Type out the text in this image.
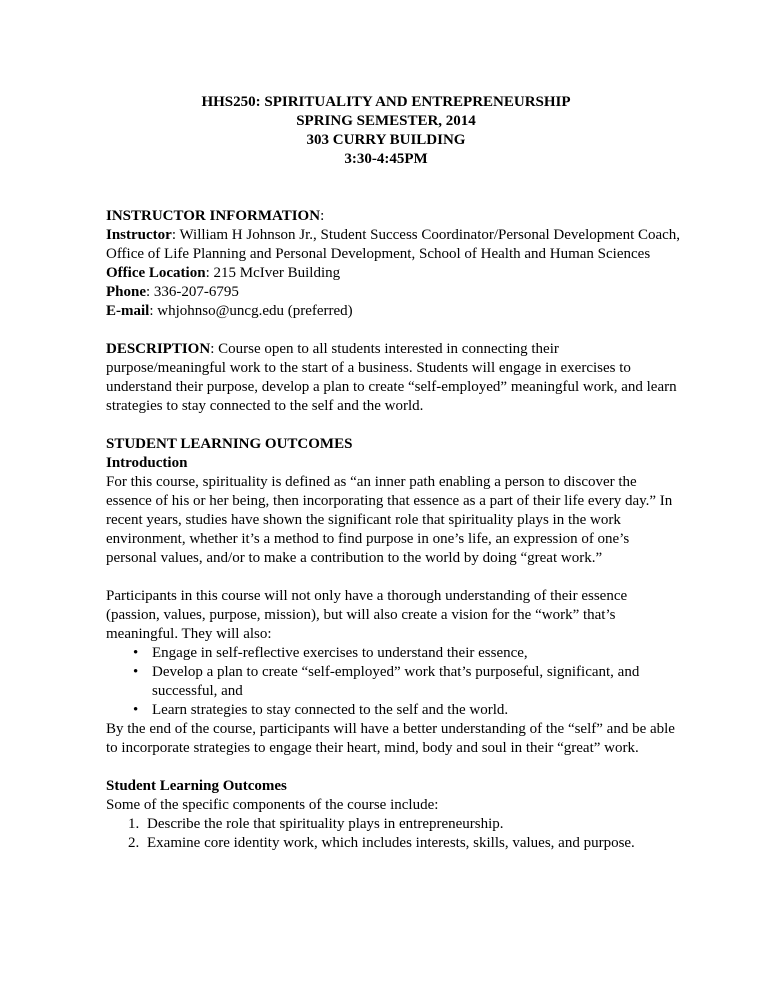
HHS250: SPIRITUALITY AND ENTREPRENEURSHIP
SPRING SEMESTER, 2014
303 CURRY BUILDING
3:30-4:45PM

INSTRUCTOR INFORMATION:

Instructor: William H Johnson Jr., Student Success Coordinator/Personal Development Coach, Office of Life Planning and Personal Development, School of Health and Human Sciences

Office Location: 215 McIver Building

Phone: 336-207-6795

E-mail: whjohnso@uncg.edu (preferred)

DESCRIPTION: Course open to all students interested in connecting their purpose/meaningful work to the start of a business. Students will engage in exercises to understand their purpose, develop a plan to create “self-employed” meaningful work, and learn strategies to stay connected to the self and the world.

STUDENT LEARNING OUTCOMES

Introduction

For this course, spirituality is defined as “an inner path enabling a person to discover the essence of his or her being, then incorporating that essence as a part of their life every day.” In recent years, studies have shown the significant role that spirituality plays in the work environment, whether it’s a method to find purpose in one’s life, an expression of one’s personal values, and/or to make a contribution to the world by doing “great work.”

Participants in this course will not only have a thorough understanding of their essence (passion, values, purpose, mission), but will also create a vision for the “work” that’s meaningful. They will also:

• Engage in self-reflective exercises to understand their essence,
• Develop a plan to create “self-employed” work that’s purposeful, significant, and successful, and
• Learn strategies to stay connected to the self and the world.

By the end of the course, participants will have a better understanding of the “self” and be able to incorporate strategies to engage their heart, mind, body and soul in their “great” work.

Student Learning Outcomes

Some of the specific components of the course include:

1. Describe the role that spirituality plays in entrepreneurship.
2. Examine core identity work, which includes interests, skills, values, and purpose.
